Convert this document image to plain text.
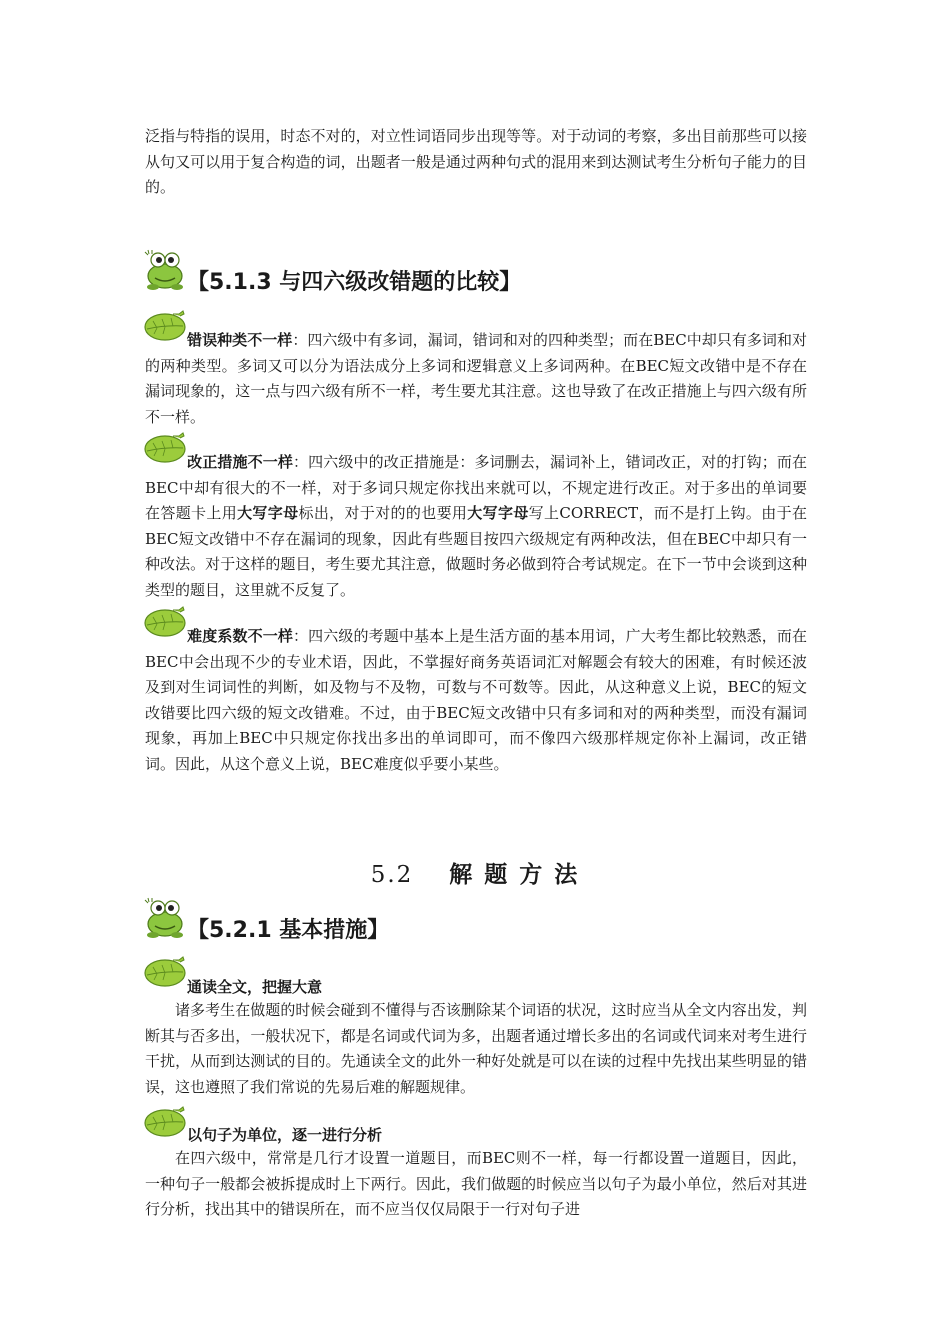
泛指与特指的误用，时态不对的，对立性词语同步出现等等。对于动词的考察，多出目前那些可以接从句又可以用于复合构造的词，出题者一般是通过两种句式的混用来到达测试考生分析句子能力的目的。

【5.1.3 与四六级改错题的比较】

错误种类不一样：四六级中有多词，漏词，错词和对的四种类型；而在BEC中却只有多词和对的两种类型。多词又可以分为语法成分上多词和逻辑意义上多词两种。在BEC短文改错中是不存在漏词现象的，这一点与四六级有所不一样，考生要尤其注意。这也导致了在改正措施上与四六级有所不一样。

改正措施不一样：四六级中的改正措施是：多词删去，漏词补上，错词改正，对的打钩；而在BEC中却有很大的不一样，对于多词只规定你找出来就可以，不规定进行改正。对于多出的单词要在答题卡上用大写字母标出，对于对的的也要用大写字母写上CORRECT，而不是打上钩。由于在BEC短文改错中不存在漏词的现象，因此有些题目按四六级规定有两种改法，但在BEC中却只有一种改法。对于这样的题目，考生要尤其注意，做题时务必做到符合考试规定。在下一节中会谈到这种类型的题目，这里就不反复了。

难度系数不一样：四六级的考题中基本上是生活方面的基本用词，广大考生都比较熟悉，而在BEC中会出现不少的专业术语，因此，不掌握好商务英语词汇对解题会有较大的困难，有时候还波及到对生词词性的判断，如及物与不及物，可数与不可数等。因此，从这种意义上说，BEC的短文改错要比四六级的短文改错难。不过，由于BEC短文改错中只有多词和对的两种类型，而没有漏词现象，再加上BEC中只规定你找出多出的单词即可，而不像四六级那样规定你补上漏词，改正错词。因此，从这个意义上说，BEC难度似乎要小某些。

5.2 解 题 方 法
【5.2.1 基本措施】
通读全文，把握大意

诸多考生在做题的时候会碰到不懂得与否该删除某个词语的状况，这时应当从全文内容出发，判断其与否多出，一般状况下，都是名词或代词为多，出题者通过增长多出的名词或代词来对考生进行干扰，从而到达测试的目的。先通读全文的此外一种好处就是可以在读的过程中先找出某些明显的错误，这也遵照了我们常说的先易后难的解题规律。

以句子为单位，逐一进行分析

在四六级中，常常是几行才设置一道题目，而BEC则不一样，每一行都设置一道题目，因此，一种句子一般都会被拆提成时上下两行。因此，我们做题的时候应当以句子为最小单位，然后对其进行分析，找出其中的错误所在，而不应当仅仅局限于一行对句子进
